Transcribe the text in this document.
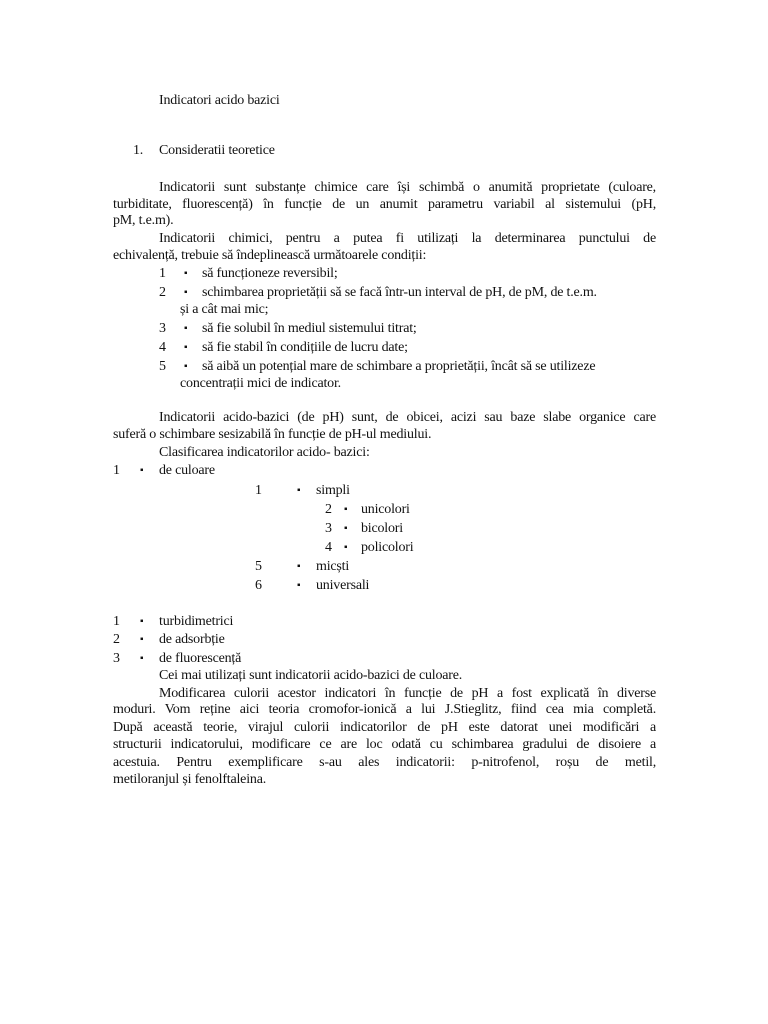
Indicatori acido bazici
1. Consideratii teoretice
Indicatorii sunt substanțe chimice care își schimbă o anumită proprietate (culoare,
turbiditate, fluorescență) în funcție de un anumit parametru variabil al sistemului (pH,
pM, t.e.m).
Indicatorii chimici, pentru a putea fi utilizați la determinarea punctului de
echivalență, trebuie să îndeplinească următoarele condiții:
1 ▪ să funcționeze reversibil;
2 ▪ schimbarea proprietății să se facă într-un interval de pH, de pM, de t.e.m.
și a cât mai mic;
3 ▪ să fie solubil în mediul sistemului titrat;
4 ▪ să fie stabil în condițiile de lucru date;
5 ▪ să aibă un potențial mare de schimbare a proprietății, încât să se utilizeze
concentrații mici de indicator.
Indicatorii acido-bazici (de pH) sunt, de obicei, acizi sau baze slabe organice care
suferă o schimbare sesizabilă în funcție de pH-ul mediului.
Clasificarea indicatorilor acido- bazici:
1 ▪ de culoare
1	▪ simpli
2 ▪ unicolori
3 ▪ bicolori
4 ▪ policolori
5	▪ micști
6	▪ universali
1 ▪ turbidimetrici
2 ▪ de adsorbție
3 ▪ de fluorescență
Cei mai utilizați sunt indicatorii acido-bazici de culoare.
Modificarea culorii acestor indicatori în funcție de pH a fost explicată în diverse
moduri. Vom reține aici teoria cromofor-ionică a lui J.Stieglitz, fiind cea mia completă.
După această teorie, virajul culorii indicatorilor de pH este datorat unei modificări a
structurii indicatorului, modificare ce are loc odată cu schimbarea gradului de disoiere a
acestuia. Pentru exemplificare s-au ales indicatorii: p-nitrofenol, roșu de metil,
metiloranjul și fenolftaleina.
